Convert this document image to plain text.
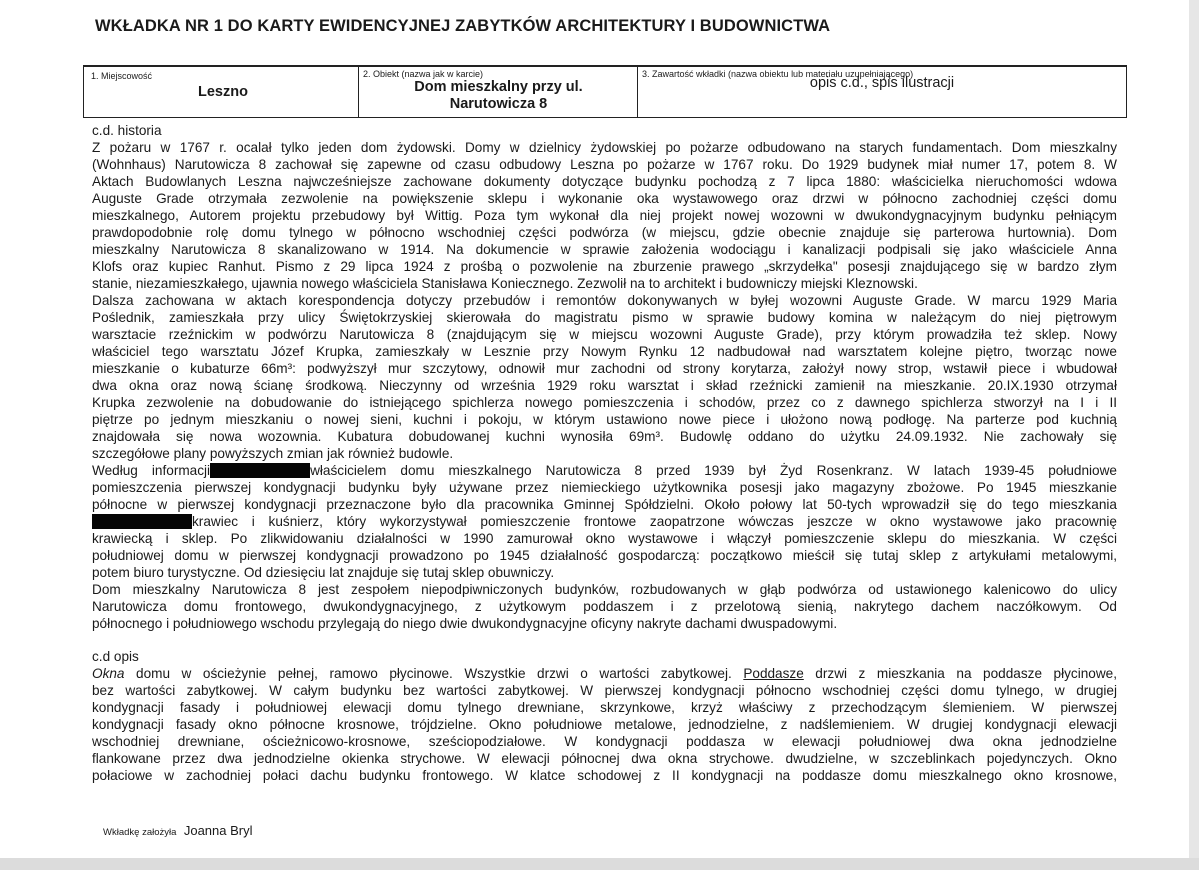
WKŁADKA NR 1 DO KARTY EWIDENCYJNEJ ZABYTKÓW ARCHITEKTURY I BUDOWNICTWA
1. Miejscowość
Leszno
2. Obiekt (nazwa jak w karcie)
Dom mieszkalny przy ul.
Narutowicza 8
3. Zawartość wkładki (nazwa obiektu lub materiału uzupełniającego)
opis c.d., spis ilustracji
c.d. historia
Z pożaru w 1767 r. ocalał tylko jeden dom żydowski. Domy w dzielnicy żydowskiej po pożarze odbudowano na starych fundamentach. Dom mieszkalny
(Wohnhaus) Narutowicza 8 zachował się zapewne od czasu odbudowy Leszna po pożarze w 1767 roku. Do 1929 budynek miał numer 17, potem 8. W
Aktach Budowlanych Leszna najwcześniejsze zachowane dokumenty dotyczące budynku pochodzą z 7 lipca 1880: właścicielka nieruchomości wdowa
Auguste Grade otrzymała zezwolenie na powiększenie sklepu i wykonanie oka wystawowego oraz drzwi w północno zachodniej części domu
mieszkalnego, Autorem projektu przebudowy był Wittig. Poza tym wykonał dla niej projekt nowej wozowni w dwukondygnacyjnym budynku pełniącym
prawdopodobnie rolę domu tylnego w północno wschodniej części podwórza (w miejscu, gdzie obecnie znajduje się parterowa hurtownia). Dom
mieszkalny Narutowicza 8 skanalizowano w 1914. Na dokumencie w sprawie założenia wodociągu i kanalizacji podpisali się jako właściciele Anna
Klofs oraz kupiec Ranhut. Pismo z 29 lipca 1924 z prośbą o pozwolenie na zburzenie prawego „skrzydełka" posesji znajdującego się w bardzo złym
stanie, niezamieszkałego, ujawnia nowego właściciela Stanisława Koniecznego. Zezwolił na to architekt i budowniczy miejski Kleznowski.
Dalsza zachowana w aktach korespondencja dotyczy przebudów i remontów dokonywanych w byłej wozowni Auguste Grade. W marcu 1929 Maria
Poślednik, zamieszkała przy ulicy Świętokrzyskiej skierowała do magistratu pismo w sprawie budowy komina w należącym do niej piętrowym
warsztacie rzeźnickim w podwórzu Narutowicza 8 (znajdującym się w miejscu wozowni Auguste Grade), przy którym prowadziła też sklep. Nowy
właściciel tego warsztatu Józef Krupka, zamieszkały w Lesznie przy Nowym Rynku 12 nadbudował nad warsztatem kolejne piętro, tworząc nowe
mieszkanie o kubaturze 66m³: podwyższył mur szczytowy, odnowił mur zachodni od strony korytarza, założył nowy strop, wstawił piece i wbudował
dwa okna oraz nową ścianę środkową. Nieczynny od września 1929 roku warsztat i skład rzeźnicki zamienił na mieszkanie. 20.IX.1930 otrzymał
Krupka zezwolenie na dobudowanie do istniejącego spichlerza nowego pomieszczenia i schodów, przez co z dawnego spichlerza stworzył na I i II
piętrze po jednym mieszkaniu o nowej sieni, kuchni i pokoju, w którym ustawiono nowe piece i ułożono nową podłogę. Na parterze pod kuchnią
znajdowała się nowa wozownia. Kubatura dobudowanej kuchni wynosiła 69m³. Budowlę oddano do użytku 24.09.1932. Nie zachowały się
szczegółowe plany powyższych zmian jak również budowle.
Według informacji	właścicielem domu mieszkalnego Narutowicza 8 przed 1939 był Żyd Rosenkranz. W latach 1939-45 południowe
pomieszczenia pierwszej kondygnacji budynku były używane przez niemieckiego użytkownika posesji jako magazyny zbożowe. Po 1945 mieszkanie
północne w pierwszej kondygnacji przeznaczone było dla pracownika Gminnej Spółdzielni. Około połowy lat 50-tych wprowadził się do tego mieszkania
krawiec i kuśnierz, który wykorzystywał pomieszczenie frontowe zaopatrzone wówczas jeszcze w okno wystawowe jako pracownię
krawiecką i sklep. Po zlikwidowaniu działalności w 1990 zamurował okno wystawowe i włączył pomieszczenie sklepu do mieszkania. W części
południowej domu w pierwszej kondygnacji prowadzono po 1945 działalność gospodarczą: początkowo mieścił się tutaj sklep z artykułami metalowymi,
potem biuro turystyczne. Od dziesięciu lat znajduje się tutaj sklep obuwniczy.
Dom mieszkalny Narutowicza 8 jest zespołem niepodpiwniczonych budynków, rozbudowanych w głąb podwórza od ustawionego kalenicowo do ulicy
Narutowicza domu frontowego, dwukondygnacyjnego, z użytkowym poddaszem i z przelotową sienią, nakrytego dachem naczółkowym. Od
północnego i południowego wschodu przylegają do niego dwie dwukondygnacyjne oficyny nakryte dachami dwuspadowymi.
c.d opis
Okna domu w ościeżynie pełnej, ramowo płycinowe. Wszystkie drzwi o wartości zabytkowej. Poddasze drzwi z mieszkania na poddasze płycinowe,
bez wartości zabytkowej. W całym budynku bez wartości zabytkowej. W pierwszej kondygnacji północno wschodniej części domu tylnego, w drugiej
kondygnacji fasady i południowej elewacji domu tylnego drewniane, skrzynkowe, krzyż właściwy z przechodzącym ślemieniem. W pierwszej
kondygnacji fasady okno północne krosnowe, trójdzielne. Okno południowe metalowe, jednodzielne, z nadślemieniem. W drugiej kondygnacji elewacji
wschodniej drewniane, ościeżnicowo-krosnowe, sześciopodziałowe. W kondygnacji poddasza w elewacji południowej dwa okna jednodzielne
flankowane przez dwa jednodzielne okienka strychowe. W elewacji północnej dwa okna strychowe. dwudzielne, w szczeblinkach pojedynczych. Okno
połaciowe w zachodniej połaci dachu budynku frontowego. W klatce schodowej z II kondygnacji na poddasze domu mieszkalnego okno krosnowe,
Wkładkę założyła Joanna Bryl
